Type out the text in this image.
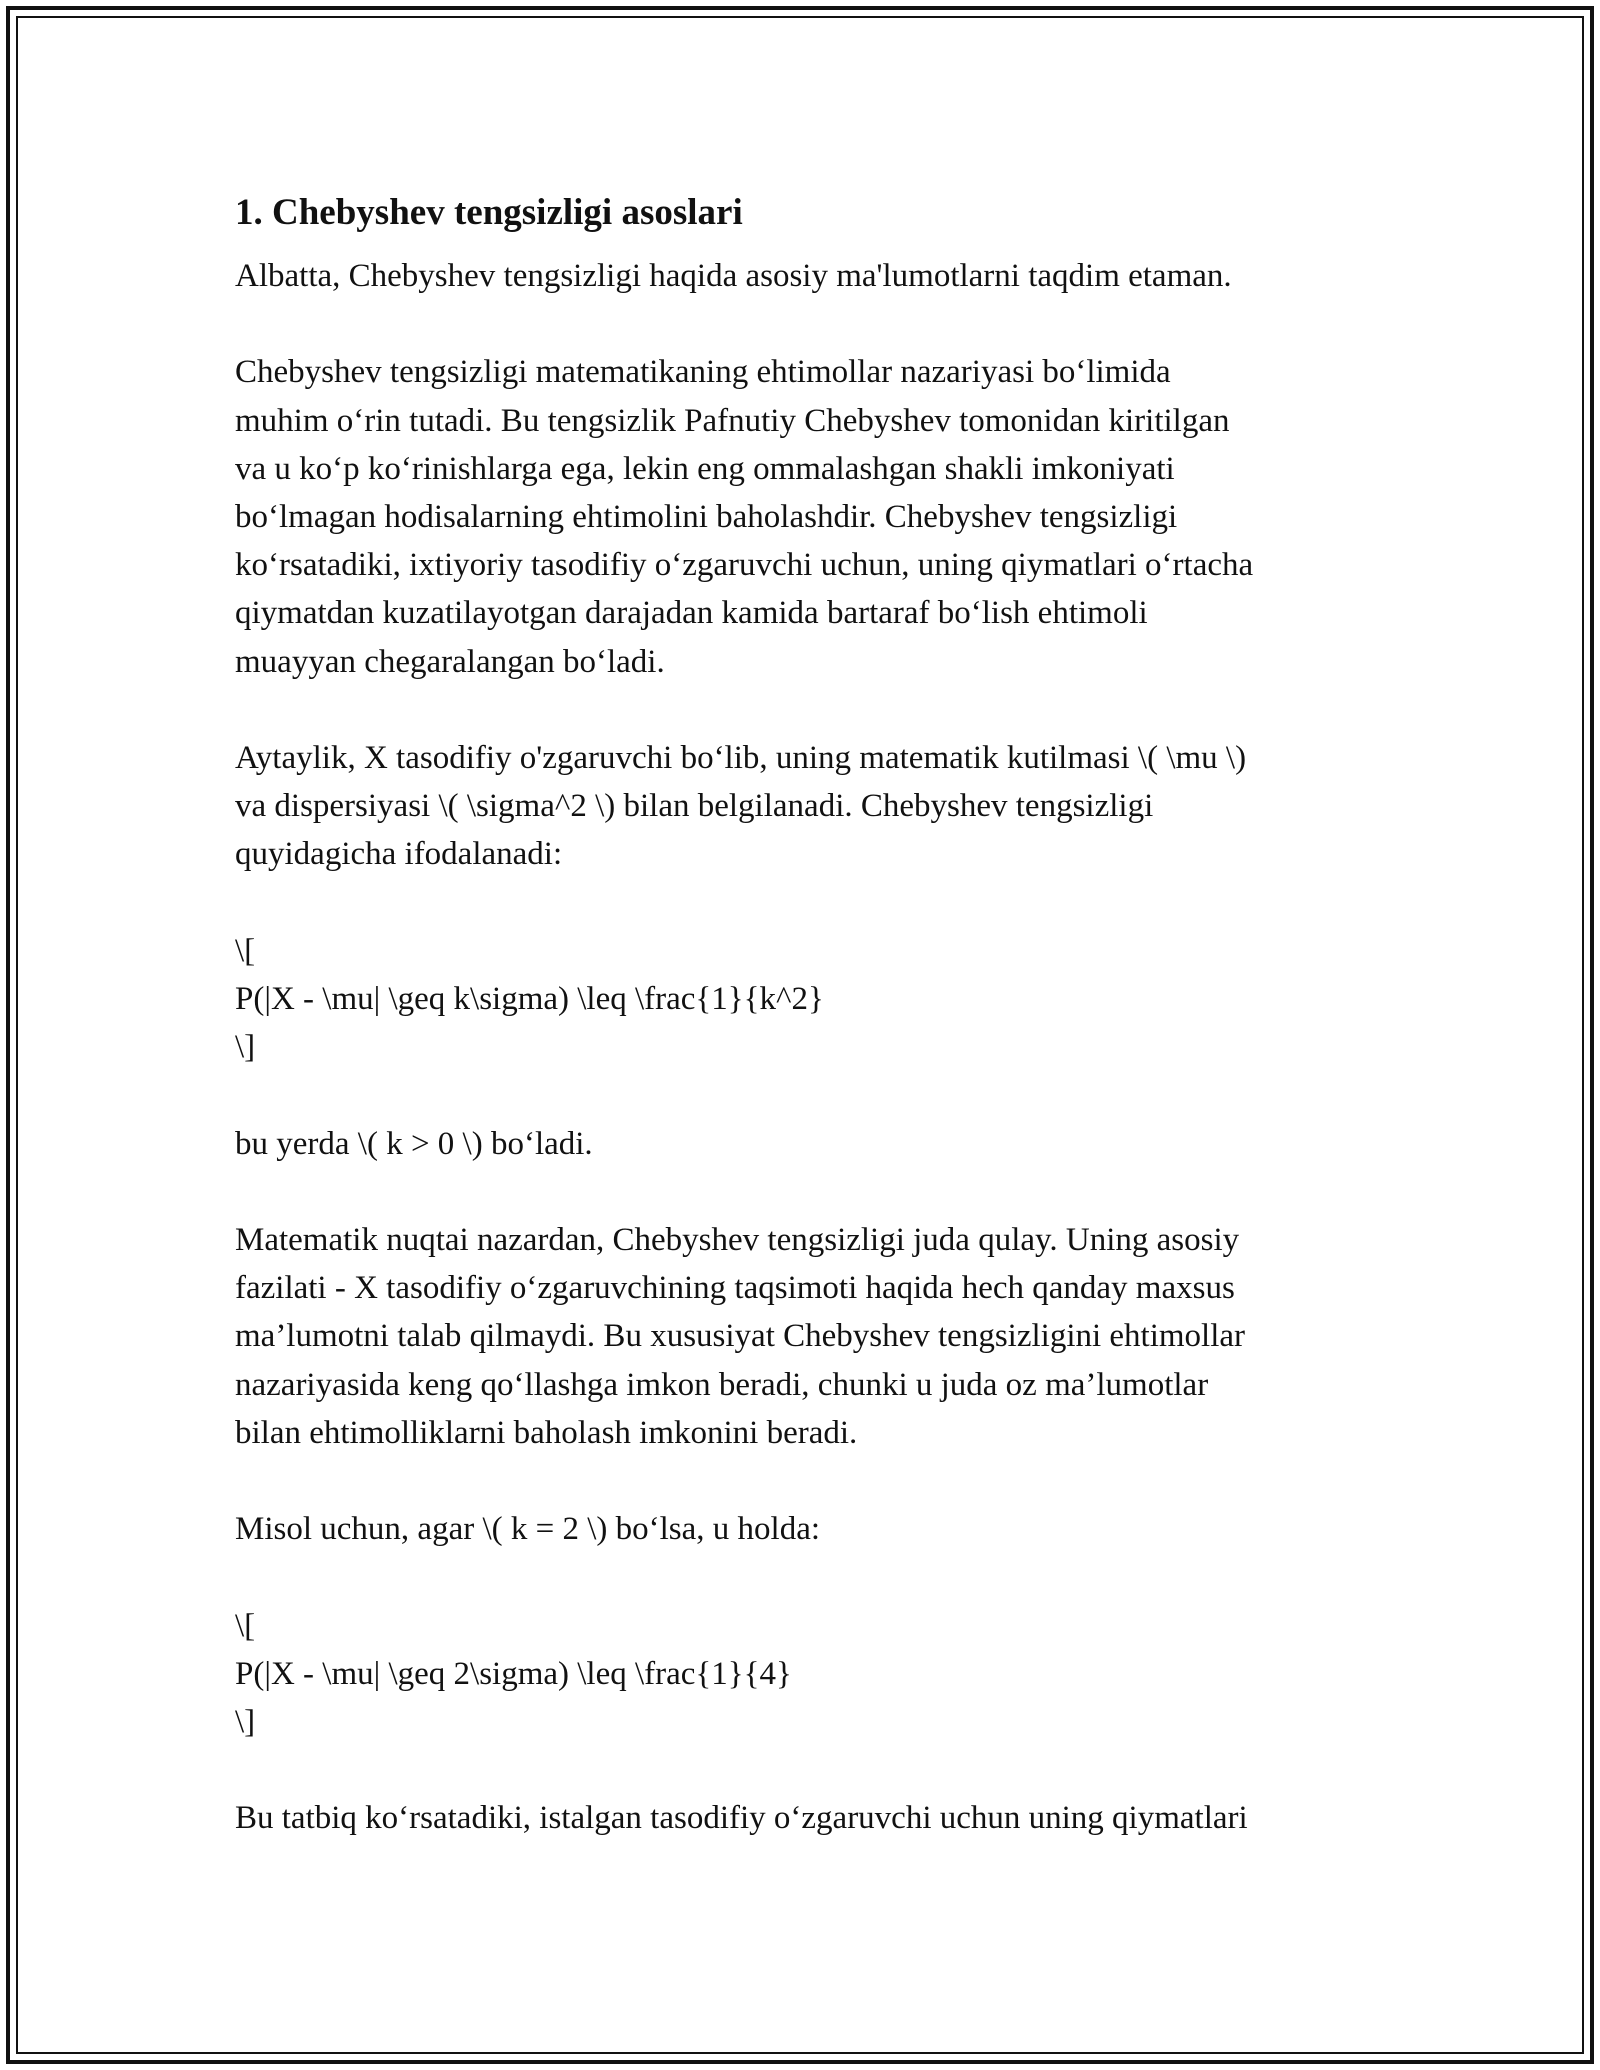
1. Chebyshev tengsizligi asoslari

Albatta, Chebyshev tengsizligi haqida asosiy ma'lumotlarni taqdim etaman.

Chebyshev tengsizligi matematikaning ehtimollar nazariyasi bo‘limida
muhim o‘rin tutadi. Bu tengsizlik Pafnutiy Chebyshev tomonidan kiritilgan
va u ko‘p ko‘rinishlarga ega, lekin eng ommalashgan shakli imkoniyati
bo‘lmagan hodisalarning ehtimolini baholashdir. Chebyshev tengsizligi
ko‘rsatadiki, ixtiyoriy tasodifiy o‘zgaruvchi uchun, uning qiymatlari o‘rtacha
qiymatdan kuzatilayotgan darajadan kamida bartaraf bo‘lish ehtimoli
muayyan chegaralangan bo‘ladi.

Aytaylik, X tasodifiy o'zgaruvchi bo‘lib, uning matematik kutilmasi \( \mu \)
va dispersiyasi \( \sigma^2 \) bilan belgilanadi. Chebyshev tengsizligi
quyidagicha ifodalanadi:

\[
P(|X - \mu| \geq k\sigma) \leq \frac{1}{k^2}
\]

bu yerda \( k > 0 \) bo‘ladi.

Matematik nuqtai nazardan, Chebyshev tengsizligi juda qulay. Uning asosiy
fazilati - X tasodifiy o‘zgaruvchining taqsimoti haqida hech qanday maxsus
ma’lumotni talab qilmaydi. Bu xususiyat Chebyshev tengsizligini ehtimollar
nazariyasida keng qo‘llashga imkon beradi, chunki u juda oz ma’lumotlar
bilan ehtimolliklarni baholash imkonini beradi.

Misol uchun, agar \( k = 2 \) bo‘lsa, u holda:

\[
P(|X - \mu| \geq 2\sigma) \leq \frac{1}{4}
\]

Bu tatbiq ko‘rsatadiki, istalgan tasodifiy o‘zgaruvchi uchun uning qiymatlari
